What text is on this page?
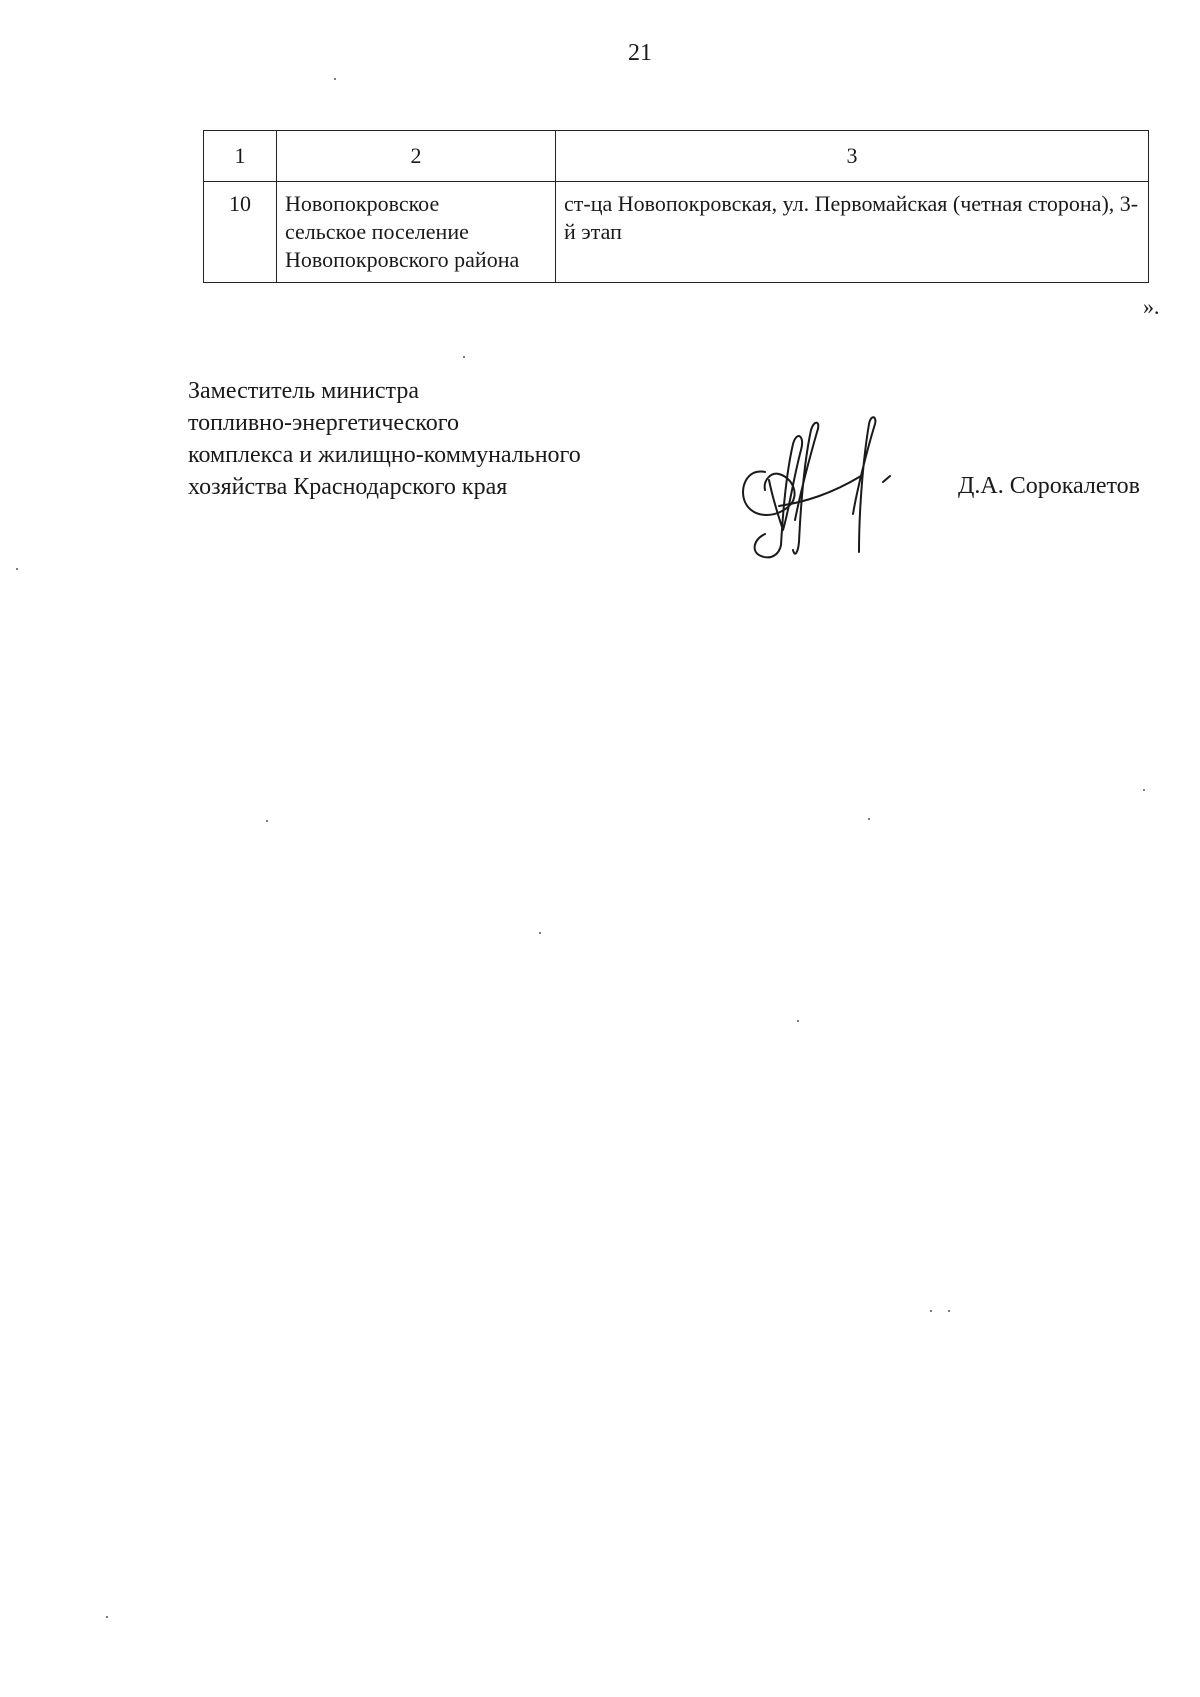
21
1	2	3
10	Новопокровское
сельское поселение
Новопокровского района	ст-ца Новопокровская, ул. Первомайская (четная сторона), 3-й этап
».
Заместитель министра
топливно-энергетического
комплекса и жилищно-коммунального
хозяйства Краснодарского края	Д.А. Сорокалетов
